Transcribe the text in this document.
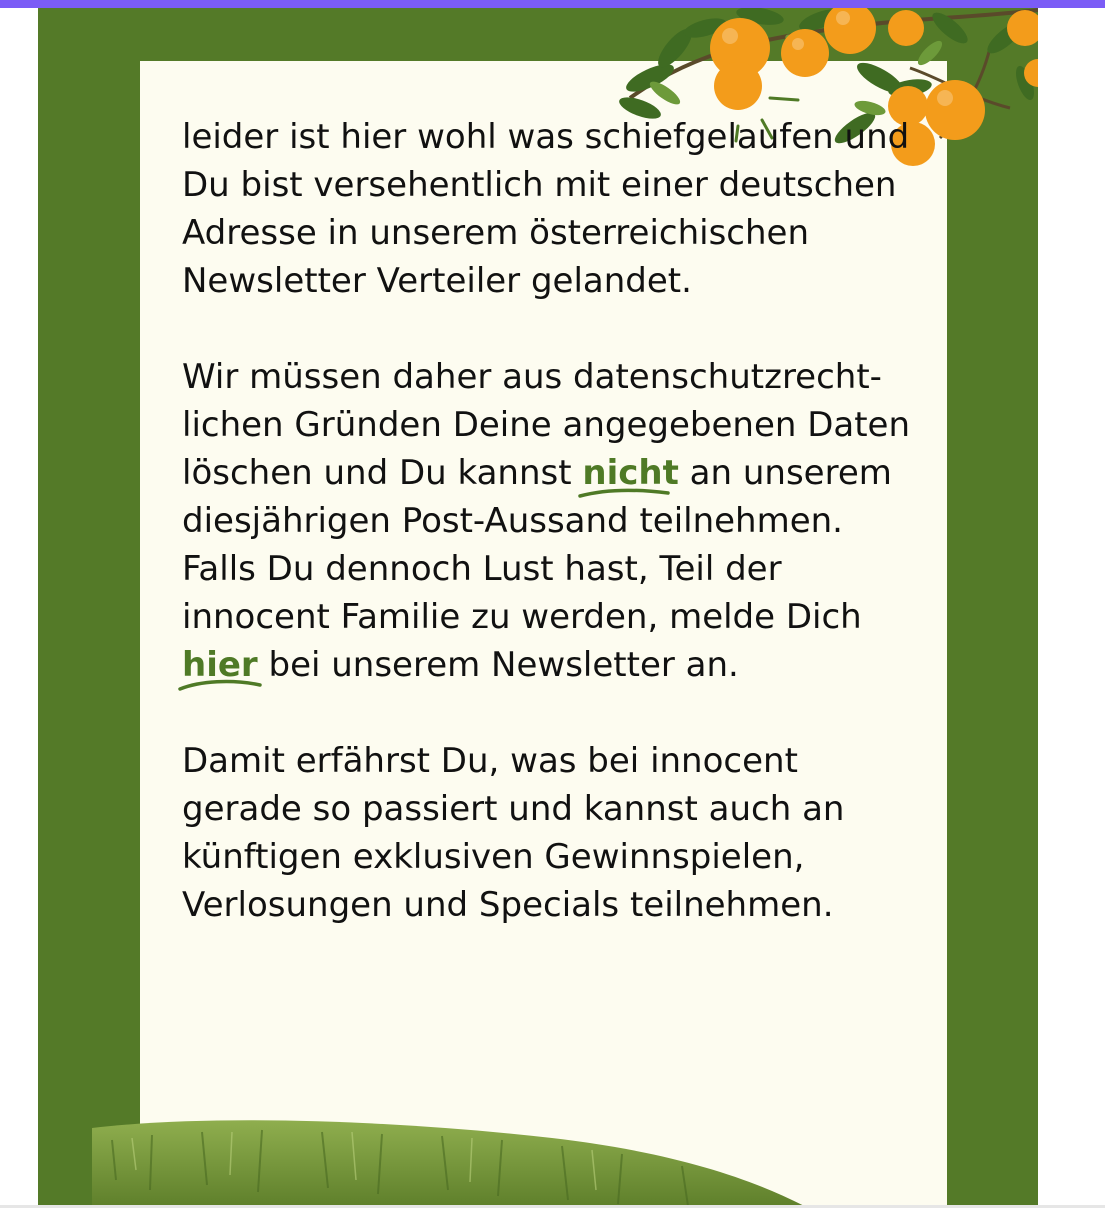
leider ist hier wohl was schiefgelaufen und Du bist versehentlich mit einer deutschen Adresse in unserem österreichischen Newsletter Verteiler gelandet.

Wir müssen daher aus datenschutzrecht-lichen Gründen Deine angegebenen Daten löschen und Du kannst nicht
an unserem diesjährigen Post-Aussand teilnehmen. Falls Du dennoch Lust hast, Teil der innocent Familie zu werden, melde Dich hier
bei unserem Newsletter an.

Damit erfährst Du, was bei innocent gerade so passiert und kannst auch an künftigen exklusiven Gewinnspielen, Verlosungen und Specials teilnehmen.
